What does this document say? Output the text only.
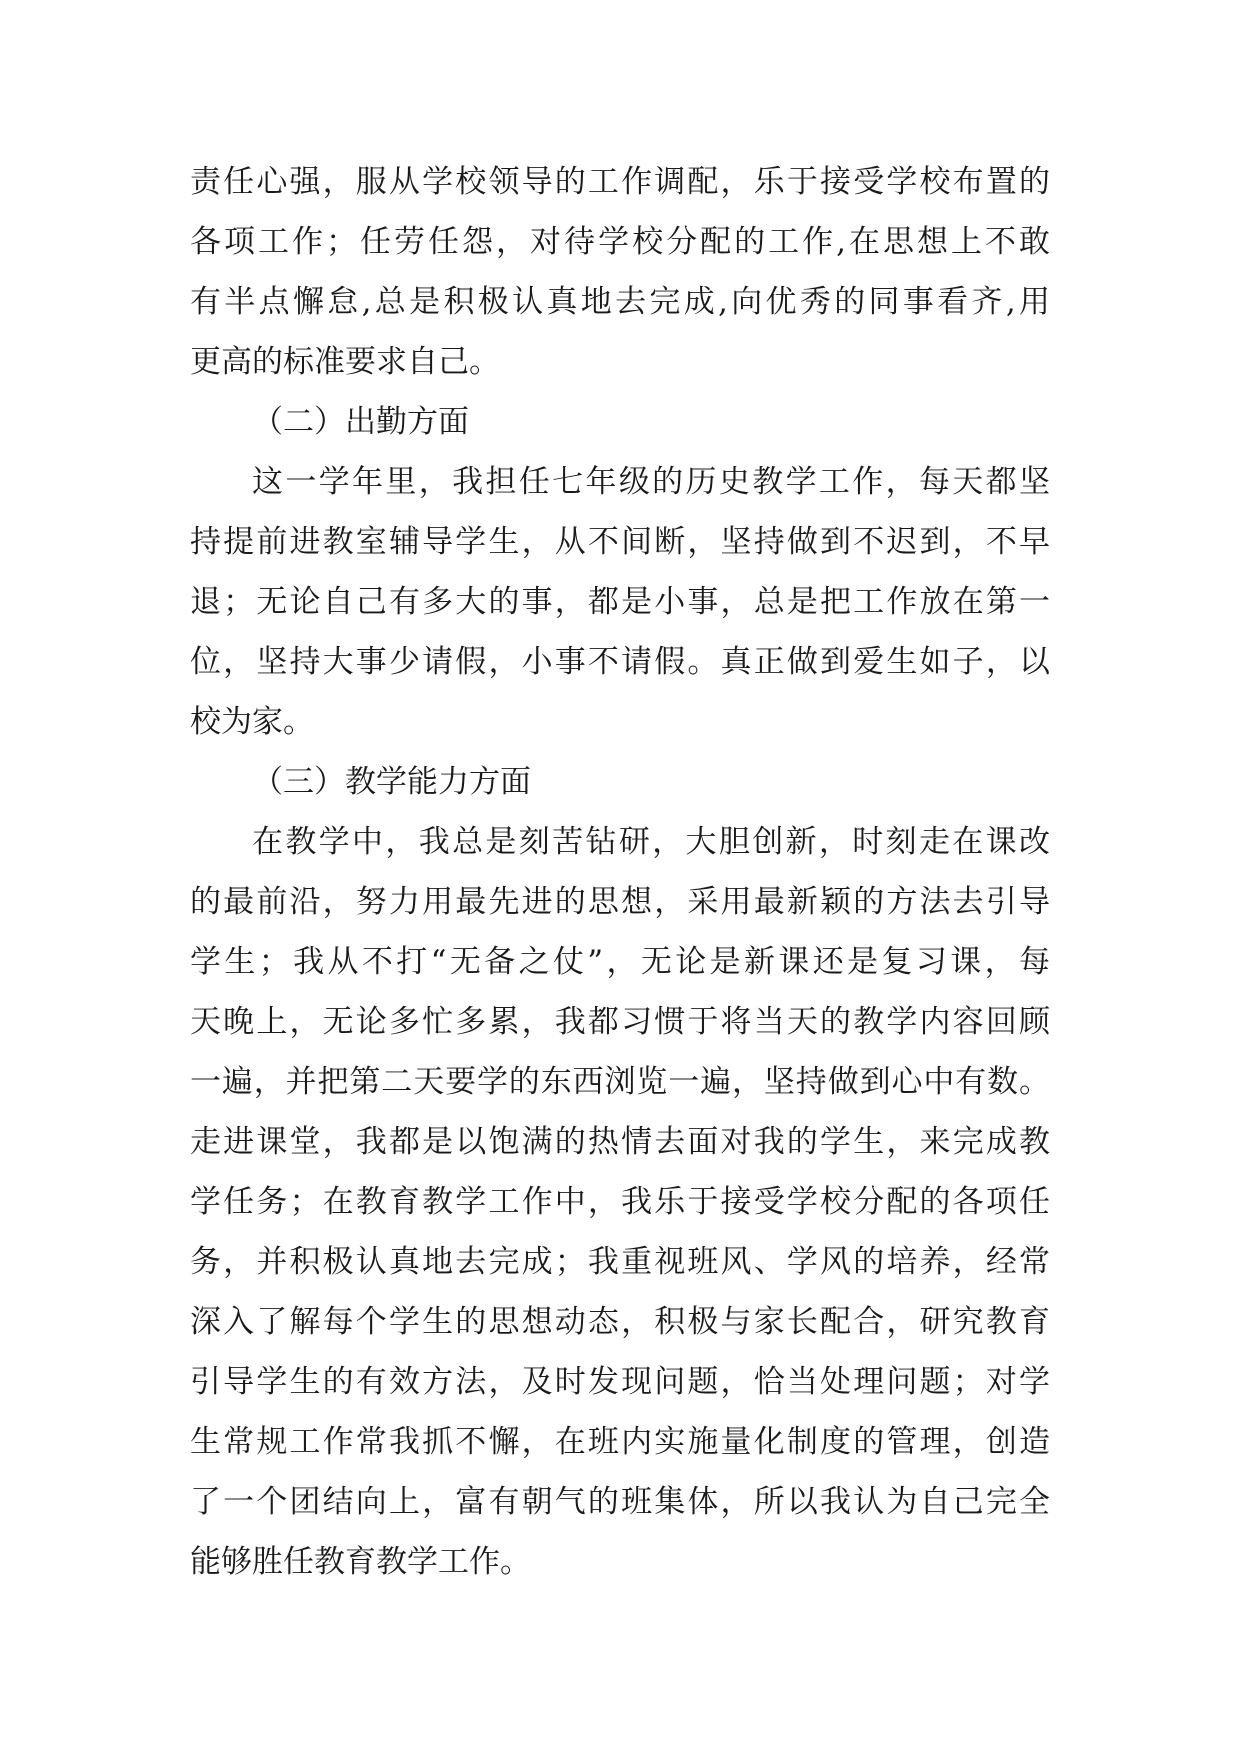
责任心强，服从学校领导的工作调配，乐于接受学校布置的
各项工作；任劳任怨，对待学校分配的工作,在思想上不敢
有半点懈怠,总是积极认真地去完成,向优秀的同事看齐,用
更高的标准要求自己。
（二）出勤方面
这一学年里，我担任七年级的历史教学工作，每天都坚
持提前进教室辅导学生，从不间断，坚持做到不迟到，不早
退；无论自己有多大的事，都是小事，总是把工作放在第一
位，坚持大事少请假，小事不请假。真正做到爱生如子，以
校为家。
（三）教学能力方面
在教学中，我总是刻苦钻研，大胆创新，时刻走在课改
的最前沿，努力用最先进的思想，采用最新颖的方法去引导
学生；我从不打“无备之仗”，无论是新课还是复习课，每
天晚上，无论多忙多累，我都习惯于将当天的教学内容回顾
一遍，并把第二天要学的东西浏览一遍，坚持做到心中有数。
走进课堂，我都是以饱满的热情去面对我的学生，来完成教
学任务；在教育教学工作中，我乐于接受学校分配的各项任
务，并积极认真地去完成；我重视班风、学风的培养，经常
深入了解每个学生的思想动态，积极与家长配合，研究教育
引导学生的有效方法，及时发现问题，恰当处理问题；对学
生常规工作常我抓不懈，在班内实施量化制度的管理，创造
了一个团结向上，富有朝气的班集体，所以我认为自己完全
能够胜任教育教学工作。
